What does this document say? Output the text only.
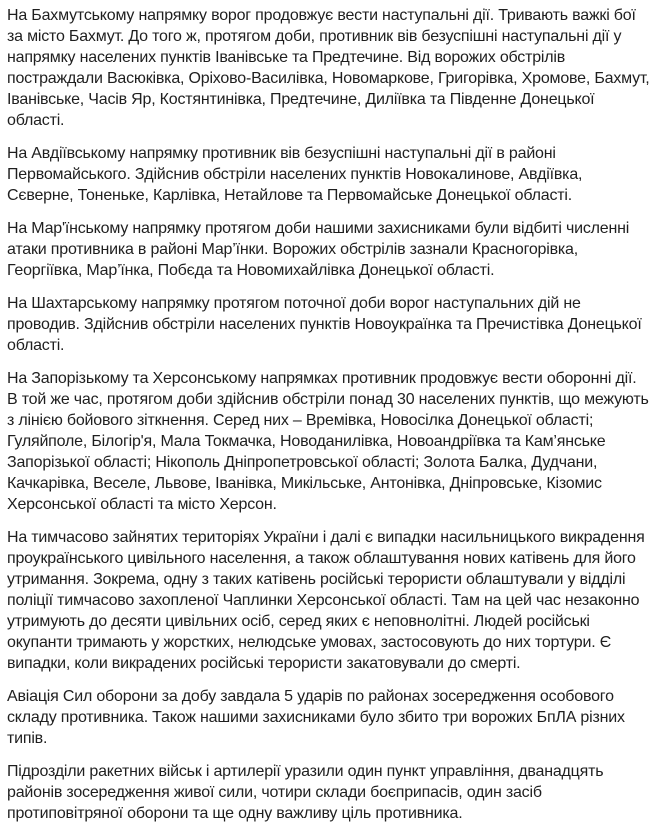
На Бахмутському напрямку ворог продовжує вести наступальні дії. Тривають важкі бої за місто Бахмут. До того ж, протягом доби, противник вів безуспішні наступальні дії у напрямку населених пунктів Іванівське та Предтечине. Від ворожих обстрілів постраждали Васюківка, Оріхово-Василівка, Новомаркове, Григорівка, Хромове, Бахмут, Іванівське, Часів Яр, Костянтинівка, Предтечине, Диліївка та Південне Донецької області.

На Авдіївському напрямку противник вів безуспішні наступальні дії в районі Первомайського. Здійснив обстріли населених пунктів Новокалинове, Авдіївка, Сєверне, Тоненьке, Карлівка, Нетайлове та Первомайське Донецької області.

На Мар'їнському напрямку протягом доби нашими захисниками були відбиті численні атаки противника в районі Мар’їнки. Ворожих обстрілів зазнали Красногорівка, Георгіївка, Мар’їнка, Побєда та Новомихайлівка Донецької області.

На Шахтарському напрямку протягом поточної доби ворог наступальних дій не проводив. Здійснив обстріли населених пунктів Новоукраїнка та Пречистівка Донецької області.

На Запорізькому та Херсонському напрямках противник продовжує вести оборонні дії. В той же час, протягом доби здійснив обстріли понад 30 населених пунктів, що межують з лінією бойового зіткнення. Серед них – Времівка, Новосілка Донецької області; Гуляйполе, Білогір'я, Мала Токмачка, Новоданилівка, Новоандріївка та Кам’янське Запорізької області; Нікополь Дніпропетровської області; Золота Балка, Дудчани, Качкарівка, Веселе, Львове, Іванівка, Микільське, Антонівка, Дніпровське, Кізомис Херсонської області та місто Херсон.

На тимчасово зайнятих територіях України і далі є випадки насильницького викрадення проукраїнського цивільного населення, а також облаштування нових катівень для його утримання. Зокрема, одну з таких катівень російські терористи облаштували у відділі поліції тимчасово захопленої Чаплинки Херсонської області. Там на цей час незаконно утримують до десяти цивільних осіб, серед яких є неповнолітні. Людей російські окупанти тримають у жорстких, нелюдське умовах, застосовують до них тортури. Є випадки, коли викрадених російські терористи закатовували до смерті.

Авіація Сил оборони за добу завдала 5 ударів по районах зосередження особового складу противника. Також нашими захисниками було збито три ворожих БпЛА різних типів.

Підрозділи ракетних військ і артилерії уразили один пункт управління, дванадцять районів зосередження живої сили, чотири склади боєприпасів, один засіб протиповітряної оборони та ще одну важливу ціль противника.
